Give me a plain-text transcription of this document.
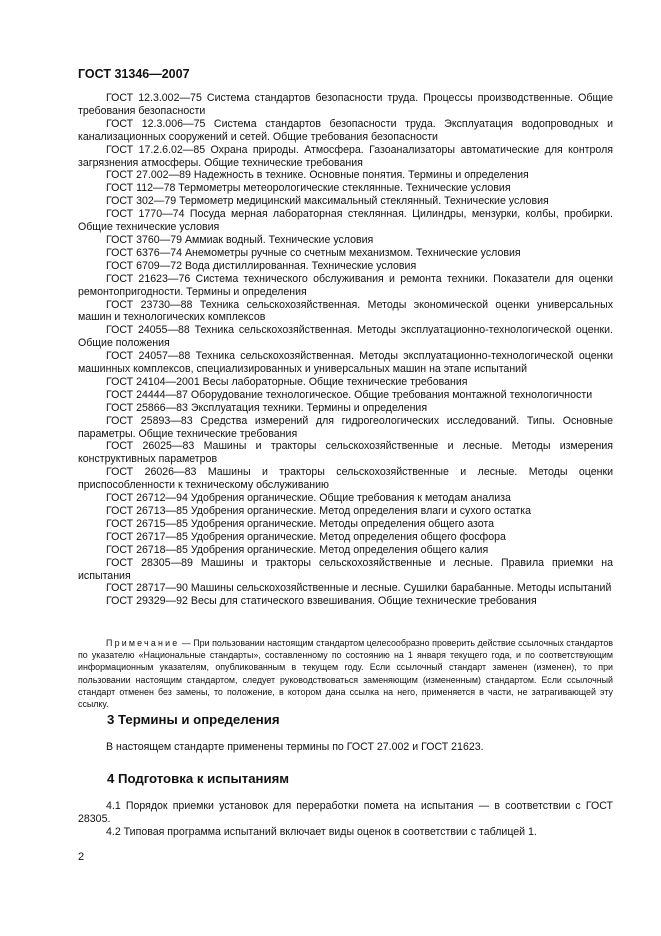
ГОСТ 31346—2007

ГОСТ 12.3.002—75 Система стандартов безопасности труда. Процессы производственные. Общие требования безопасности

ГОСТ 12.3.006—75 Система стандартов безопасности труда. Эксплуатация водопроводных и канализационных сооружений и сетей. Общие требования безопасности

ГОСТ 17.2.6.02—85 Охрана природы. Атмосфера. Газоанализаторы автоматические для контроля загрязнения атмосферы. Общие технические требования

ГОСТ 27.002—89 Надежность в технике. Основные понятия. Термины и определения

ГОСТ 112—78 Термометры метеорологические стеклянные. Технические условия

ГОСТ 302—79 Термометр медицинский максимальный стеклянный. Технические условия

ГОСТ 1770—74 Посуда мерная лабораторная стеклянная. Цилиндры, мензурки, колбы, пробирки. Общие технические условия

ГОСТ 3760—79 Аммиак водный. Технические условия

ГОСТ 6376—74 Анемометры ручные со счетным механизмом. Технические условия

ГОСТ 6709—72 Вода дистиллированная. Технические условия

ГОСТ 21623—76 Система технического обслуживания и ремонта техники. Показатели для оценки ремонтопригодности. Термины и определения

ГОСТ 23730—88 Техника сельскохозяйственная. Методы экономической оценки универсальных машин и технологических комплексов

ГОСТ 24055—88 Техника сельскохозяйственная. Методы эксплуатационно-технологической оценки. Общие положения

ГОСТ 24057—88 Техника сельскохозяйственная. Методы эксплуатационно-технологической оценки машинных комплексов, специализированных и универсальных машин на этапе испытаний

ГОСТ 24104—2001 Весы лабораторные. Общие технические требования

ГОСТ 24444—87 Оборудование технологическое. Общие требования монтажной технологичности

ГОСТ 25866—83 Эксплуатация техники. Термины и определения

ГОСТ 25893—83 Средства измерений для гидрогеологических исследований. Типы. Основные параметры. Общие технические требования

ГОСТ 26025—83 Машины и тракторы сельскохозяйственные и лесные. Методы измерения конструктивных параметров

ГОСТ 26026—83 Машины и тракторы сельскохозяйственные и лесные. Методы оценки приспособленности к техническому обслуживанию

ГОСТ 26712—94 Удобрения органические. Общие требования к методам анализа

ГОСТ 26713—85 Удобрения органические. Метод определения влаги и сухого остатка

ГОСТ 26715—85 Удобрения органические. Методы определения общего азота

ГОСТ 26717—85 Удобрения органические. Метод определения общего фосфора

ГОСТ 26718—85 Удобрения органические. Метод определения общего калия

ГОСТ 28305—89 Машины и тракторы сельскохозяйственные и лесные. Правила приемки на испытания

ГОСТ 28717—90 Машины сельскохозяйственные и лесные. Сушилки барабанные. Методы испытаний

ГОСТ 29329—92 Весы для статического взвешивания. Общие технические требования

Примечание — При пользовании настоящим стандартом целесообразно проверить действие ссылочных стандартов по указателю «Национальные стандарты», составленному по состоянию на 1 января текущего года, и по соответствующим информационным указателям, опубликованным в текущем году. Если ссылочный стандарт заменен (изменен), то при пользовании настоящим стандартом, следует руководствоваться заменяющим (измененным) стандартом. Если ссылочный стандарт отменен без замены, то положение, в котором дана ссылка на него, применяется в части, не затрагивающей эту ссылку.

3 Термины и определения

В настоящем стандарте применены термины по ГОСТ 27.002 и ГОСТ 21623.

4 Подготовка к испытаниям

4.1 Порядок приемки установок для переработки помета на испытания — в соответствии с ГОСТ 28305.

4.2 Типовая программа испытаний включает виды оценок в соответствии с таблицей 1.

2
